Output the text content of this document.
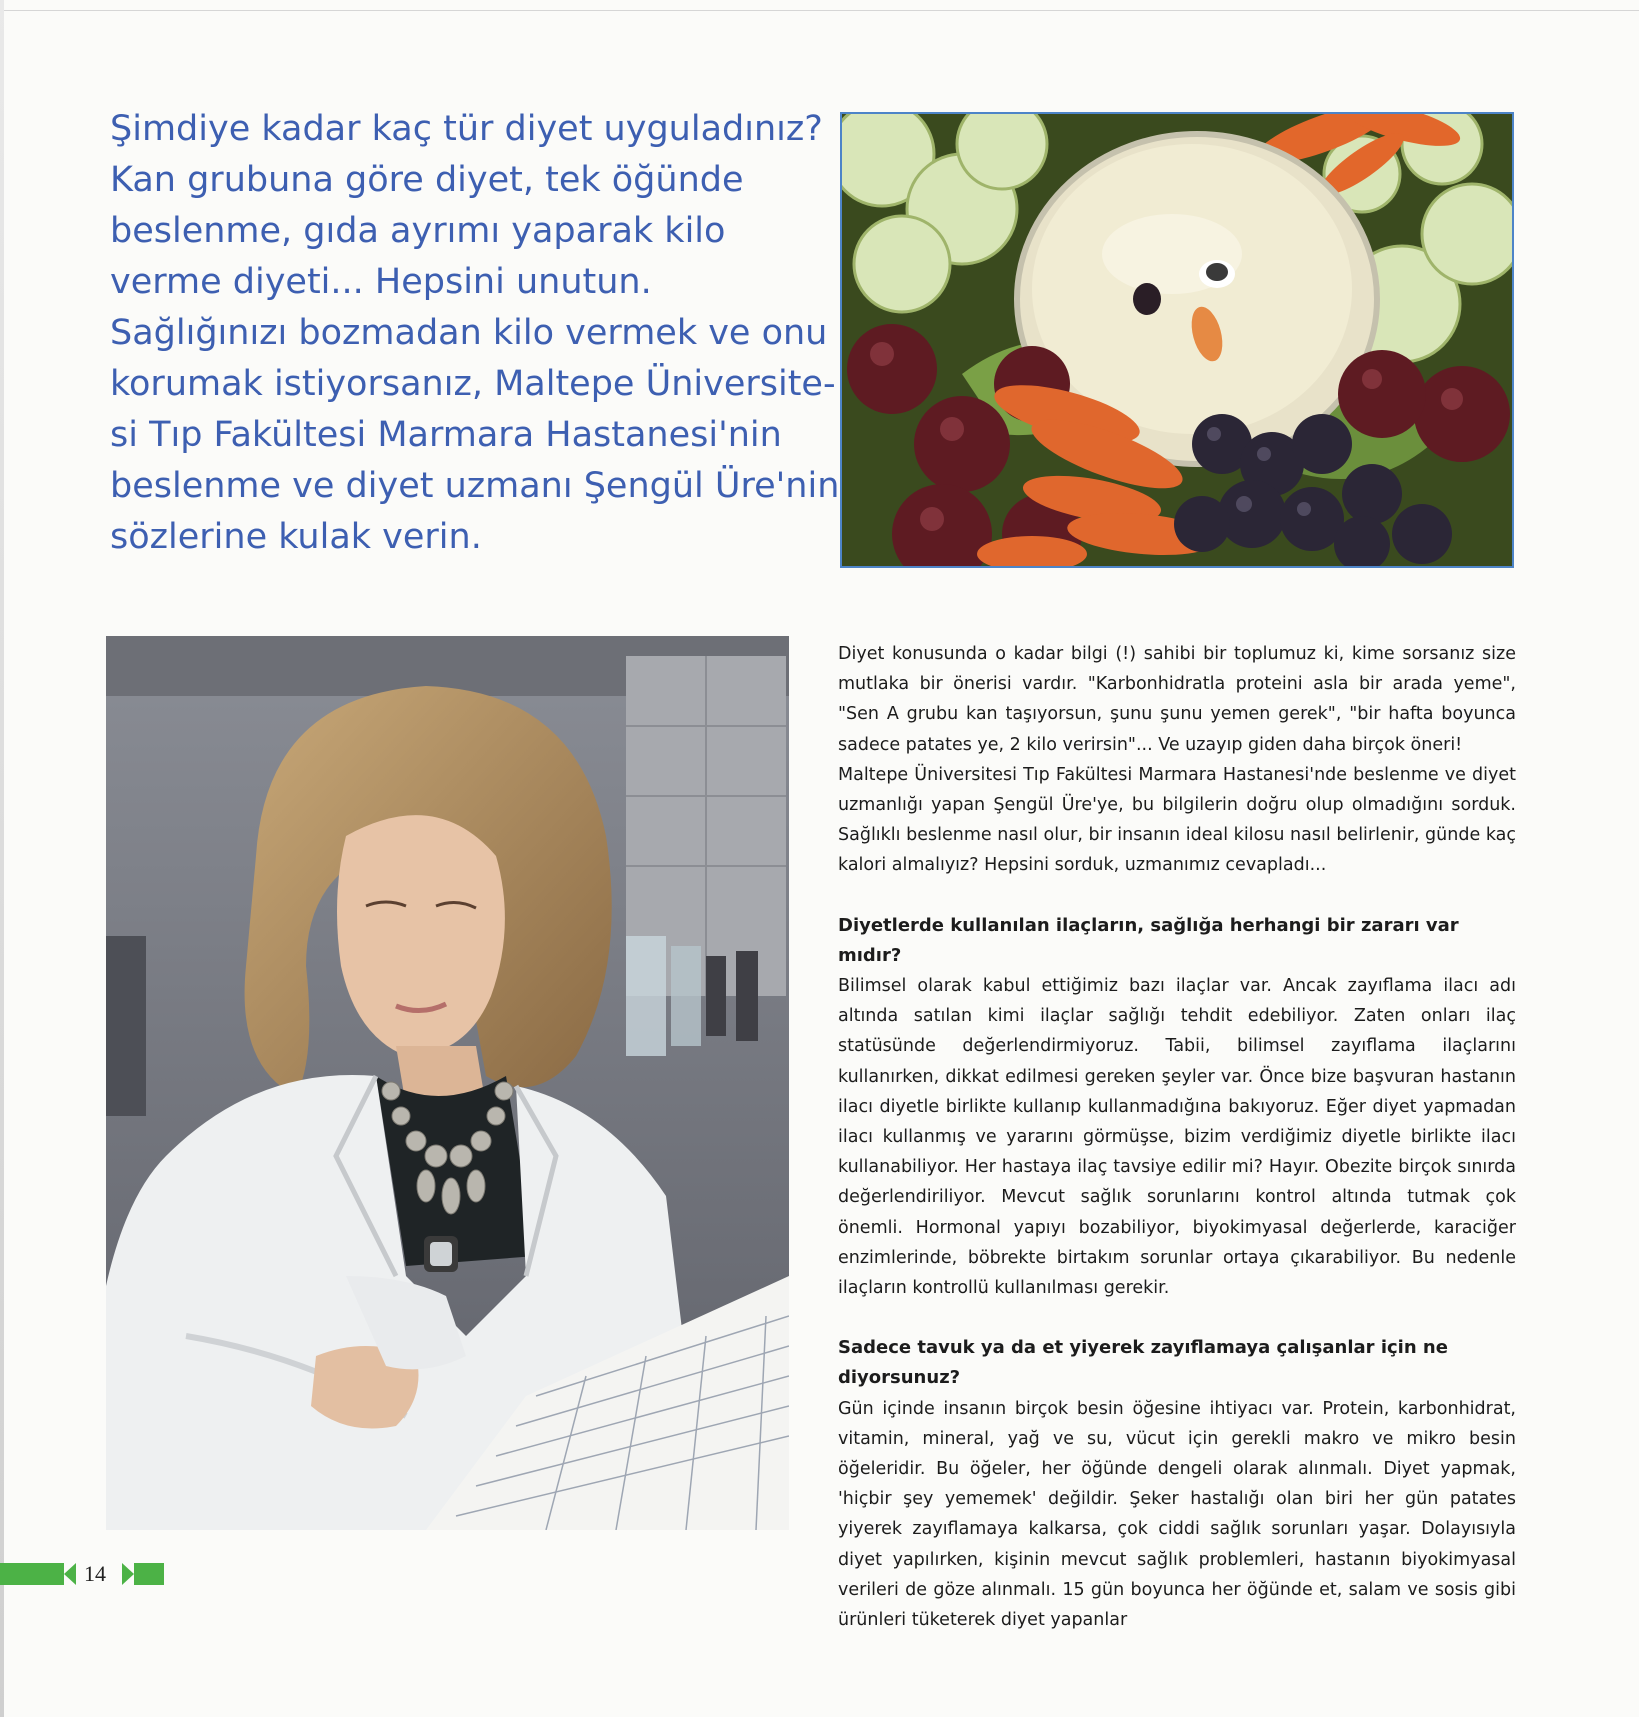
Şimdiye kadar kaç tür diyet uyguladınız?
Kan grubuna göre diyet, tek öğünde
beslenme, gıda ayrımı yaparak kilo
verme diyeti... Hepsini unutun.
Sağlığınızı bozmadan kilo vermek ve onu
korumak istiyorsanız, Maltepe Üniversite-
si Tıp Fakültesi Marmara Hastanesi'nin
beslenme ve diyet uzmanı Şengül Üre'nin
sözlerine kulak verin.

Diyet konusunda o kadar bilgi (!) sahibi bir toplumuz ki, kime sorsanız size mutlaka bir önerisi vardır. "Karbonhidratla proteini asla bir arada yeme", "Sen A grubu kan taşıyorsun, şunu şunu yemen gerek", "bir hafta boyunca sadece patates ye, 2 kilo verirsin"... Ve uzayıp giden daha birçok öneri!

Maltepe Üniversitesi Tıp Fakültesi Marmara Hastanesi'nde beslenme ve diyet uzmanlığı yapan Şengül Üre'ye, bu bilgilerin doğru olup olmadığını sorduk. Sağlıklı beslenme nasıl olur, bir insanın ideal kilosu nasıl belirlenir, günde kaç kalori almalıyız? Hepsini sorduk, uzmanımız cevapladı...

Diyetlerde kullanılan ilaçların, sağlığa herhangi bir zararı var mıdır?

Bilimsel olarak kabul ettiğimiz bazı ilaçlar var. Ancak zayıflama ilacı adı altında satılan kimi ilaçlar sağlığı tehdit edebiliyor. Zaten onları ilaç statüsünde değerlendirmiyoruz. Tabii, bilimsel zayıflama ilaçlarını kullanırken, dikkat edilmesi gereken şeyler var. Önce bize başvuran hastanın ilacı diyetle birlikte kullanıp kullanmadığına bakıyoruz. Eğer diyet yapmadan ilacı kullanmış ve yararını görmüşse, bizim verdiğimiz diyetle birlikte ilacı kullanabiliyor. Her hastaya ilaç tavsiye edilir mi? Hayır. Obezite birçok sınırda değerlendiriliyor. Mevcut sağlık sorunlarını kontrol altında tutmak çok önemli. Hormonal yapıyı bozabiliyor, biyokimyasal değerlerde, karaciğer enzimlerinde, böbrekte birtakım sorunlar ortaya çıkarabiliyor. Bu nedenle ilaçların kontrollü kullanılması gerekir.

Sadece tavuk ya da et yiyerek zayıflamaya çalışanlar için ne diyorsunuz?

Gün içinde insanın birçok besin öğesine ihtiyacı var. Protein, karbonhidrat, vitamin, mineral, yağ ve su, vücut için gerekli makro ve mikro besin öğeleridir. Bu öğeler, her öğünde dengeli olarak alınmalı. Diyet yapmak, 'hiçbir şey yememek' değildir. Şeker hastalığı olan biri her gün patates yiyerek zayıflamaya kalkarsa, çok ciddi sağlık sorunları yaşar. Dolayısıyla diyet yapılırken, kişinin mevcut sağlık problemleri, hastanın biyokimyasal verileri de göze alınmalı. 15 gün boyunca her öğünde et, salam ve sosis gibi ürünleri tüketerek diyet yapanlar

14
